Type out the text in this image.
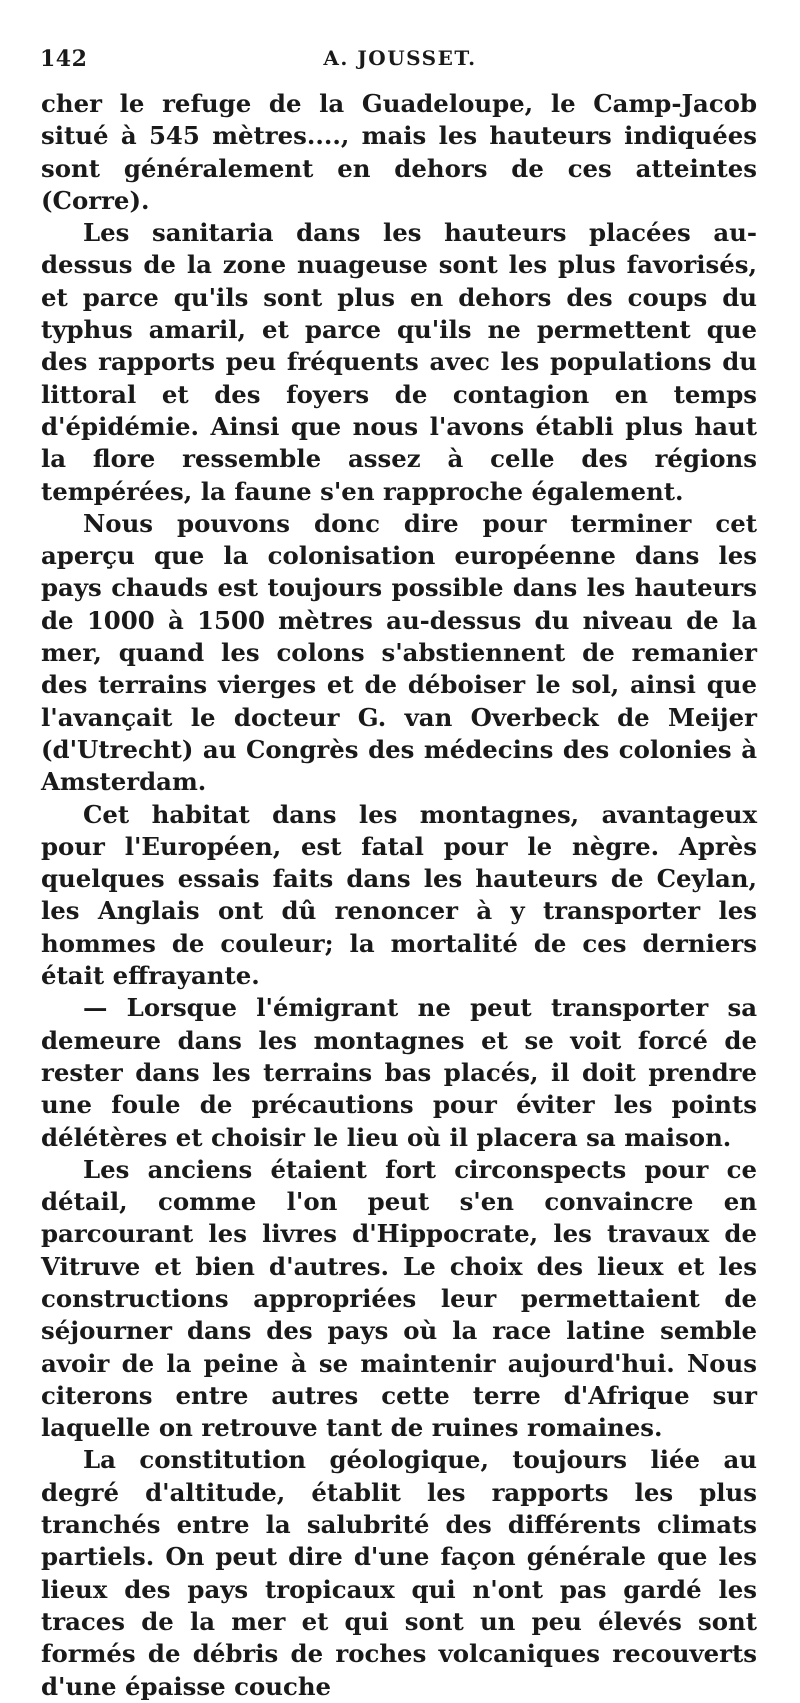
142	A. JOUSSET.

cher le refuge de la Guadeloupe, le Camp-Jacob situé à 545 mètres...., mais les hauteurs indiquées sont généralement en dehors de ces atteintes (Corre).

Les sanitaria dans les hauteurs placées au-dessus de la zone nuageuse sont les plus favorisés, et parce qu'ils sont plus en dehors des coups du typhus amaril, et parce qu'ils ne permettent que des rapports peu fréquents avec les populations du littoral et des foyers de contagion en temps d'épidémie. Ainsi que nous l'avons établi plus haut la flore ressemble assez à celle des régions tempérées, la faune s'en rapproche également.

Nous pouvons donc dire pour terminer cet aperçu que la colonisation européenne dans les pays chauds est toujours possible dans les hauteurs de 1000 à 1500 mètres au-dessus du niveau de la mer, quand les colons s'abstiennent de remanier des terrains vierges et de déboiser le sol, ainsi que l'avançait le docteur G. van Overbeck de Meijer (d'Utrecht) au Congrès des médecins des colonies à Amsterdam.

Cet habitat dans les montagnes, avantageux pour l'Européen, est fatal pour le nègre. Après quelques essais faits dans les hauteurs de Ceylan, les Anglais ont dû renoncer à y transporter les hommes de couleur; la mortalité de ces derniers était effrayante.

— Lorsque l'émigrant ne peut transporter sa demeure dans les montagnes et se voit forcé de rester dans les terrains bas placés, il doit prendre une foule de précautions pour éviter les points délétères et choisir le lieu où il placera sa maison.

Les anciens étaient fort circonspects pour ce détail, comme l'on peut s'en convaincre en parcourant les livres d'Hippocrate, les travaux de Vitruve et bien d'autres. Le choix des lieux et les constructions appropriées leur permettaient de séjourner dans des pays où la race latine semble avoir de la peine à se maintenir aujourd'hui. Nous citerons entre autres cette terre d'Afrique sur laquelle on retrouve tant de ruines romaines.

La constitution géologique, toujours liée au degré d'altitude, établit les rapports les plus tranchés entre la salubrité des différents climats partiels. On peut dire d'une façon générale que les lieux des pays tropicaux qui n'ont pas gardé les traces de la mer et qui sont un peu élevés sont formés de débris de roches volcaniques recouverts d'une épaisse couche
